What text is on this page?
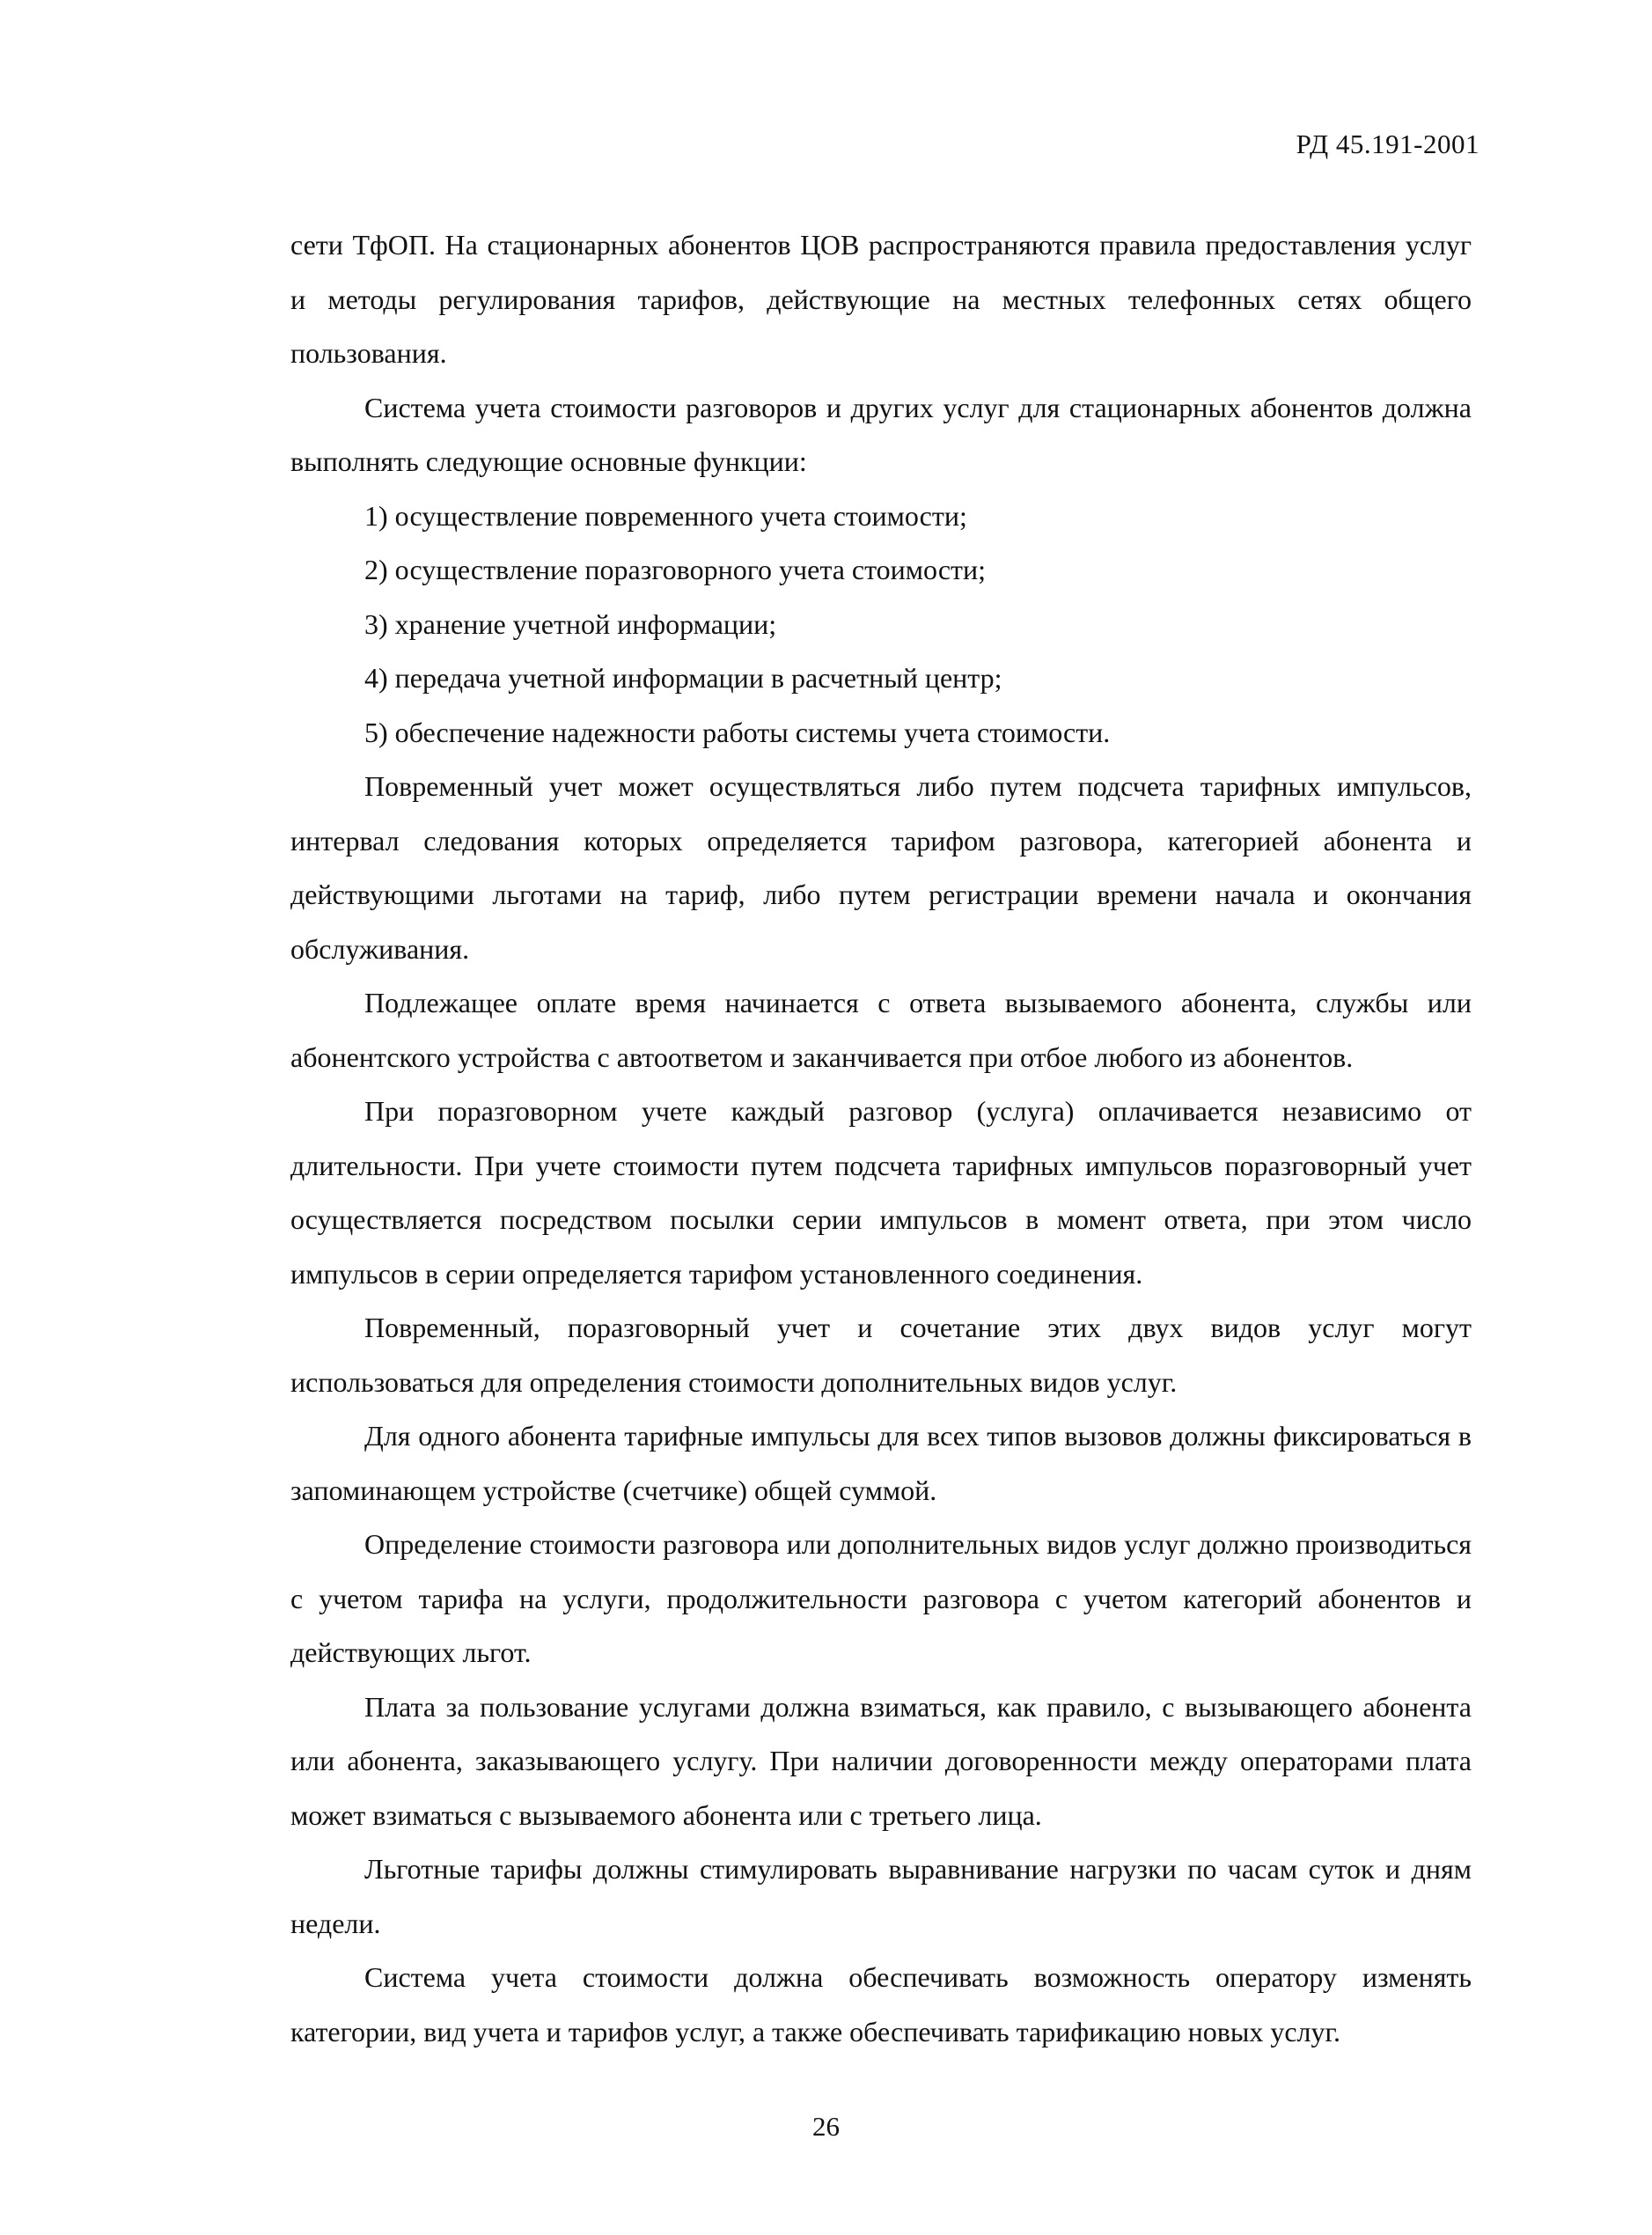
РД 45.191-2001

сети ТфОП. На стационарных абонентов ЦОВ распространяются правила предоставления услуг и методы регулирования тарифов, действующие на местных телефонных сетях общего пользования.

Система учета стоимости разговоров и других услуг для стационарных абонентов должна выполнять следующие основные функции:

1) осуществление повременного учета стоимости;

2) осуществление поразговорного учета стоимости;

3) хранение учетной информации;

4) передача учетной информации в расчетный центр;

5) обеспечение надежности работы системы учета стоимости.

Повременный учет может осуществляться либо путем подсчета тарифных импульсов, интервал следования которых определяется тарифом разговора, категорией абонента и действующими льготами на тариф, либо путем регистрации времени начала и окончания обслуживания.

Подлежащее оплате время начинается с ответа вызываемого абонента, службы или абонентского устройства с автоответом и заканчивается при отбое любого из абонентов.

При поразговорном учете каждый разговор (услуга) оплачивается независимо от длительности. При учете стоимости путем подсчета тарифных импульсов поразговорный учет осуществляется посредством посылки серии импульсов в момент ответа, при этом число импульсов в серии определяется тарифом установленного соединения.

Повременный, поразговорный учет и сочетание этих двух видов услуг могут использоваться для определения стоимости дополнительных видов услуг.

Для одного абонента тарифные импульсы для всех типов вызовов должны фиксироваться в запоминающем устройстве (счетчике) общей суммой.

Определение стоимости разговора или дополнительных видов услуг должно производиться с учетом тарифа на услуги, продолжительности разговора с учетом категорий абонентов и действующих льгот.

Плата за пользование услугами должна взиматься, как правило, с вызывающего абонента или абонента, заказывающего услугу. При наличии договоренности между операторами плата может взиматься с вызываемого абонента или с третьего лица.

Льготные тарифы должны стимулировать выравнивание нагрузки по часам суток и дням недели.

Система учета стоимости должна обеспечивать возможность оператору изменять категории, вид учета и тарифов услуг, а также обеспечивать тарификацию новых услуг.

26
